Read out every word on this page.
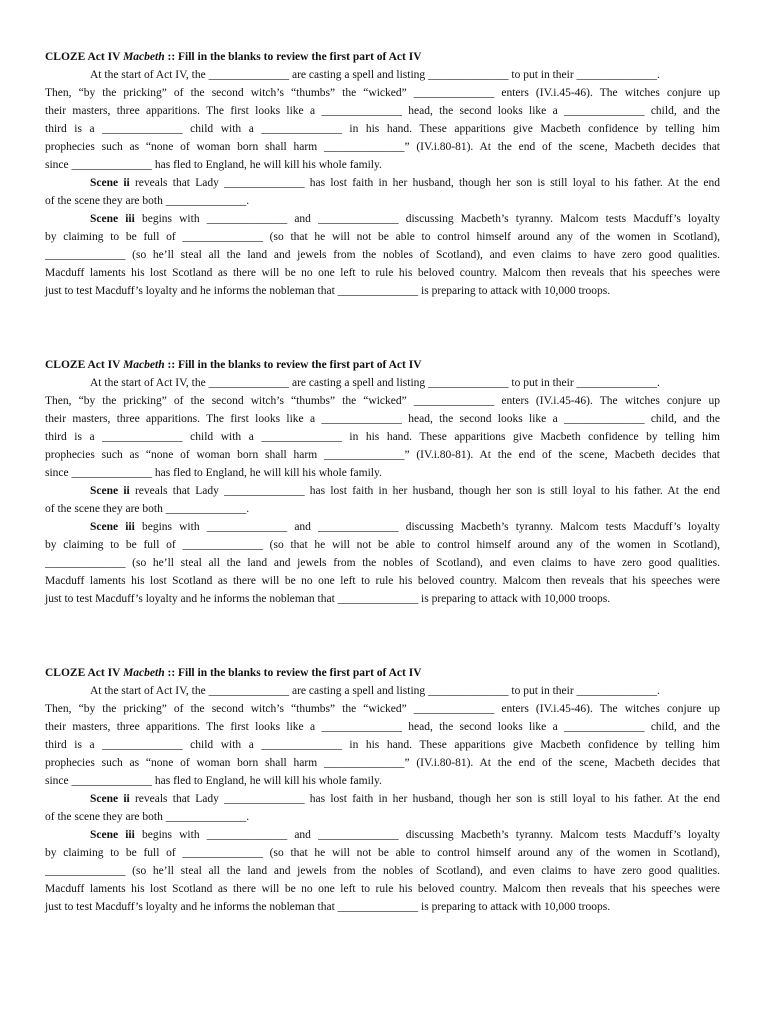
CLOZE Act IV Macbeth :: Fill in the blanks to review the first part of Act IV
At the start of Act IV, the ______________ are casting a spell and listing ______________ to put in their ______________.
Then, “by the pricking” of the second witch’s “thumbs” the “wicked” ______________ enters (IV.i.45-46). The witches conjure up
their masters, three apparitions. The first looks like a ______________ head, the second looks like a ______________ child, and the
third is a ______________ child with a ______________ in his hand. These apparitions give Macbeth confidence by telling him
prophecies such as “none of woman born shall harm ______________” (IV.i.80-81). At the end of the scene, Macbeth decides that
since ______________ has fled to England, he will kill his whole family.
Scene ii reveals that Lady ______________ has lost faith in her husband, though her son is still loyal to his father. At the end
of the scene they are both ______________.
Scene iii begins with ______________ and ______________ discussing Macbeth’s tyranny. Malcom tests Macduff’s loyalty
by claiming to be full of ______________ (so that he will not be able to control himself around any of the women in Scotland),
______________ (so he’ll steal all the land and jewels from the nobles of Scotland), and even claims to have zero good qualities.
Macduff laments his lost Scotland as there will be no one left to rule his beloved country. Malcom then reveals that his speeches were
just to test Macduff’s loyalty and he informs the nobleman that ______________ is preparing to attack with 10,000 troops.
CLOZE Act IV Macbeth :: Fill in the blanks to review the first part of Act IV
At the start of Act IV, the ______________ are casting a spell and listing ______________ to put in their ______________.
Then, “by the pricking” of the second witch’s “thumbs” the “wicked” ______________ enters (IV.i.45-46). The witches conjure up
their masters, three apparitions. The first looks like a ______________ head, the second looks like a ______________ child, and the
third is a ______________ child with a ______________ in his hand. These apparitions give Macbeth confidence by telling him
prophecies such as “none of woman born shall harm ______________” (IV.i.80-81). At the end of the scene, Macbeth decides that
since ______________ has fled to England, he will kill his whole family.
Scene ii reveals that Lady ______________ has lost faith in her husband, though her son is still loyal to his father. At the end
of the scene they are both ______________.
Scene iii begins with ______________ and ______________ discussing Macbeth’s tyranny. Malcom tests Macduff’s loyalty
by claiming to be full of ______________ (so that he will not be able to control himself around any of the women in Scotland),
______________ (so he’ll steal all the land and jewels from the nobles of Scotland), and even claims to have zero good qualities.
Macduff laments his lost Scotland as there will be no one left to rule his beloved country. Malcom then reveals that his speeches were
just to test Macduff’s loyalty and he informs the nobleman that ______________ is preparing to attack with 10,000 troops.
CLOZE Act IV Macbeth :: Fill in the blanks to review the first part of Act IV
At the start of Act IV, the ______________ are casting a spell and listing ______________ to put in their ______________.
Then, “by the pricking” of the second witch’s “thumbs” the “wicked” ______________ enters (IV.i.45-46). The witches conjure up
their masters, three apparitions. The first looks like a ______________ head, the second looks like a ______________ child, and the
third is a ______________ child with a ______________ in his hand. These apparitions give Macbeth confidence by telling him
prophecies such as “none of woman born shall harm ______________” (IV.i.80-81). At the end of the scene, Macbeth decides that
since ______________ has fled to England, he will kill his whole family.
Scene ii reveals that Lady ______________ has lost faith in her husband, though her son is still loyal to his father. At the end
of the scene they are both ______________.
Scene iii begins with ______________ and ______________ discussing Macbeth’s tyranny. Malcom tests Macduff’s loyalty
by claiming to be full of ______________ (so that he will not be able to control himself around any of the women in Scotland),
______________ (so he’ll steal all the land and jewels from the nobles of Scotland), and even claims to have zero good qualities.
Macduff laments his lost Scotland as there will be no one left to rule his beloved country. Malcom then reveals that his speeches were
just to test Macduff’s loyalty and he informs the nobleman that ______________ is preparing to attack with 10,000 troops.
